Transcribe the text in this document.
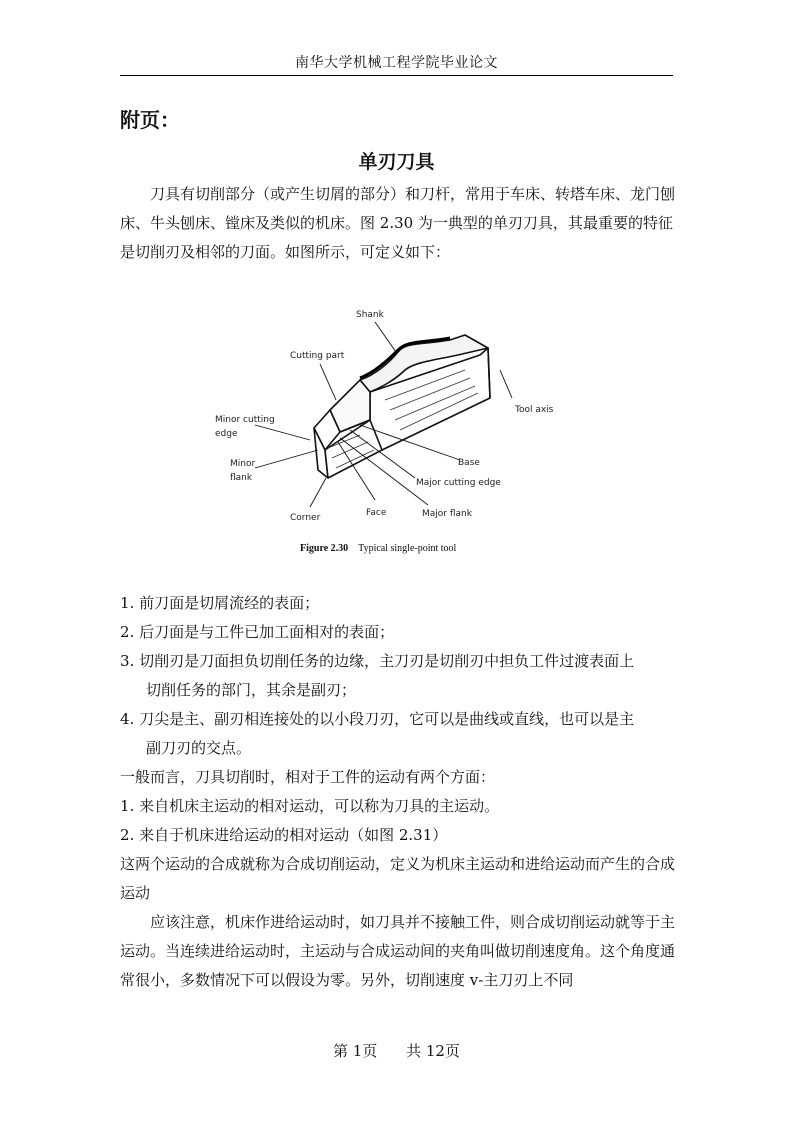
南华大学机械工程学院毕业论文
附页：
单刃刀具

刀具有切削部分（或产生切屑的部分）和刀杆，常用于车床、转塔车床、龙门刨床、牛头刨床、镗床及类似的机床。图 2.30 为一典型的单刃刀具，其最重要的特征是切削刃及相邻的刀面。如图所示，可定义如下：

Shank
Cutting part
Minor cutting
edge
Tool axis
Minor
flank
Base
Major cutting edge
Corner	Face	Major flank
Figure 2.30 Typical single-point tool
1. 前刀面是切屑流经的表面；
2. 后刀面是与工件已加工面相对的表面；
3. 切削刃是刀面担负切削任务的边缘，主刀刃是切削刃中担负工件过渡表面上
切削任务的部门，其余是副刃；
4. 刀尖是主、副刃相连接处的以小段刀刃，它可以是曲线或直线，也可以是主
副刀刃的交点。
一般而言，刀具切削时，相对于工件的运动有两个方面：
1. 来自机床主运动的相对运动，可以称为刀具的主运动。
2. 来自于机床进给运动的相对运动（如图 2.31）

这两个运动的合成就称为合成切削运动，定义为机床主运动和进给运动而产生的合成运动

应该注意，机床作进给运动时，如刀具并不接触工件，则合成切削运动就等于主运动。当连续进给运动时，主运动与合成运动间的夹角叫做切削速度角。这个角度通常很小，多数情况下可以假设为零。另外，切削速度 v-主刀刃上不同

第 1页 共 12页
